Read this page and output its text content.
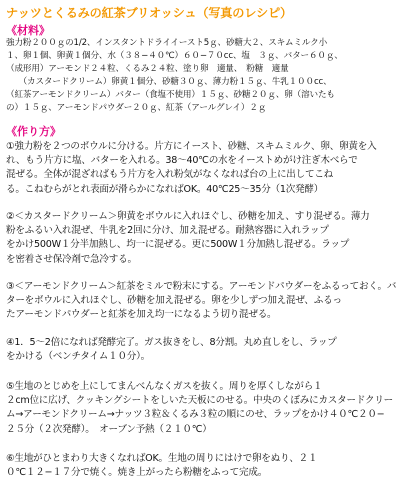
ナッツとくるみの紅茶ブリオッシュ（写真のレシピ）
《材料》
強力粉２００ｇの1/2、インスタントドライイースト5ｇ、砂糖大２、スキムミルク小
１、卵１個、卵黄１個分、水（３８−４０℃）６０−７０cc、塩　３ｇ、バター６０ｇ、
（成形用）アーモンド２４粒、くるみ２４粒、塗り卵　適量、　粉糖　適量
　　（カスタードクリーム）卵黄１個分、砂糖３０ｇ、薄力粉１５ｇ、牛乳１００cc、
（紅茶アーモンドクリーム）バター（食塩不使用）１５ｇ、砂糖２０ｇ、卵（溶いたも
の）１５ｇ、アーモンドパウダー２０ｇ、紅茶（アールグレイ）２ｇ
《作り方》
①強力粉を２つのボウルに分ける。片方にイースト、砂糖、スキムミルク、卵、卵黄を入
れ、もう片方に塩、バターを入れる。38〜40℃の水をイーストめがけ注ぎ木べらで
混ぜる。全体が混ざればもう片方を入れ粉気がなくなれば台の上に出してこね
る。こねむらがとれ表面が滑らかになればOK。40℃25〜35分（1次発酵）
②＜カスタードクリーム＞卵黄をボウルに入れほぐし、砂糖を加え、すり混ぜる。薄力
粉をふるい入れ混ぜ、牛乳を2回に分け、加え混ぜる。耐熱容器に入れラップ
をかけ500W１分半加熱し、均一に混ぜる。更に500W１分加熱し混ぜる。ラップ
を密着させ保冷剤で急冷する。
③＜アーモンドクリーム＞紅茶をミルで粉末にする。アーモンドパウダーをふるっておく。バ
ターをボウルに入れほぐし、砂糖を加え混ぜる。卵を少しずつ加え混ぜ、ふるっ
たアーモンドパウダーと紅茶を加え均一になるよう切り混ぜる。
④1．5〜2倍になれば発酵完了。ガス抜きをし、8分割。丸め直しをし、ラップ
をかける（ベンチタイム１０分）。
⑤生地のとじめを上にしてまんべんなくガスを抜く。周りを厚くしながら１
２cm位に広げ、クッキングシートをしいた天板にのせる。中央のくぼみにカスタードクリー
ム→アーモンドクリーム→ナッツ３粒＆くるみ３粒の順にのせ、ラップをかけ４０℃２０−
２５分（２次発酵）。　オーブン予熱（２１０℃）
⑥生地がひとまわり大きくなればOK。生地の周りにはけで卵をぬり、２１
０℃１２−１７分で焼く。焼き上がったら粉糖をふって完成。
